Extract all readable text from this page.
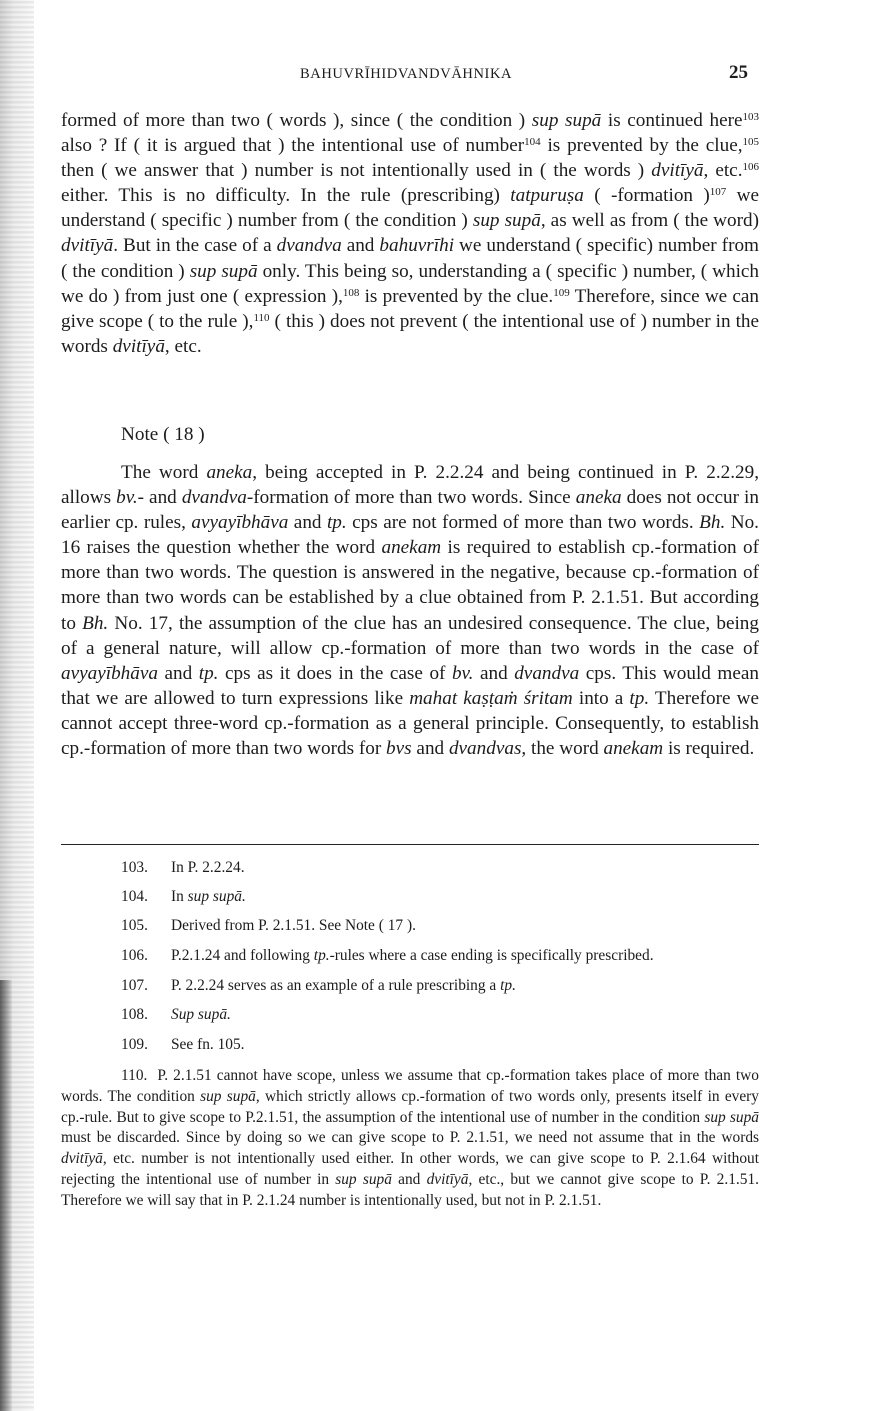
BAHUVRĪHIDVANDVĀHNIKA	25

formed of more than two ( words ), since ( the condition ) sup supā is continued here$^{103}$ also ? If ( it is argued that ) the intentional use of number$^{104}$ is prevented by the clue,$^{105}$ then ( we answer that ) number is not intentionally used in ( the words ) dvitīyā, etc.$^{106}$ either. This is no difficulty. In the rule (prescribing) tatpuruṣa ( -formation )$^{107}$ we understand ( specific ) number from ( the condition ) sup supā, as well as from ( the word) dvitīyā. But in the case of a dvandva and bahuvrīhi we understand ( specific) number from ( the condition ) sup supā only. This being so, understanding a ( specific ) number, ( which we do ) from just one ( expression ),$^{108}$ is prevented by the clue.$^{109}$ Therefore, since we can give scope ( to the rule ),$^{110}$ ( this ) does not prevent ( the intentional use of ) number in the words dvitīyā, etc.

Note ( 18 )

The word aneka, being accepted in P. 2.2.24 and being continued in P. 2.2.29, allows bv.- and dvandva-formation of more than two words. Since aneka does not occur in earlier cp. rules, avyayībhāva and tp. cps are not formed of more than two words. Bh. No. 16 raises the question whether the word anekam is required to establish cp.-formation of more than two words. The question is answered in the negative, because cp.-formation of more than two words can be established by a clue obtained from P. 2.1.51. But according to Bh. No. 17, the assumption of the clue has an undesired consequence. The clue, being of a general nature, will allow cp.-formation of more than two words in the case of avyayībhāva and tp. cps as it does in the case of bv. and dvandva cps. This would mean that we are allowed to turn expressions like mahat kaṣṭaṁ śritam into a tp. Therefore we cannot accept three-word cp.-formation as a general principle. Consequently, to establish cp.-formation of more than two words for bvs and dvandvas, the word anekam is required.

103. In P. 2.2.24.
104. In sup supā.
105. Derived from P. 2.1.51. See Note ( 17 ).
106. P.2.1.24 and following tp.-rules where a case ending is specifically prescribed.
107. P. 2.2.24 serves as an example of a rule prescribing a tp.
108. Sup supā.
109. See fn. 105.

110. P. 2.1.51 cannot have scope, unless we assume that cp.-formation takes place of more than two words. The condition sup supā, which strictly allows cp.-formation of two words only, presents itself in every cp.-rule. But to give scope to P.2.1.51, the assumption of the intentional use of number in the condition sup supā must be discarded. Since by doing so we can give scope to P. 2.1.51, we need not assume that in the words dvitīyā, etc. number is not intentionally used either. In other words, we can give scope to P. 2.1.64 without rejecting the intentional use of number in sup supā and dvitīyā, etc., but we cannot give scope to P. 2.1.51. Therefore we will say that in P. 2.1.24 number is intentionally used, but not in P. 2.1.51.
